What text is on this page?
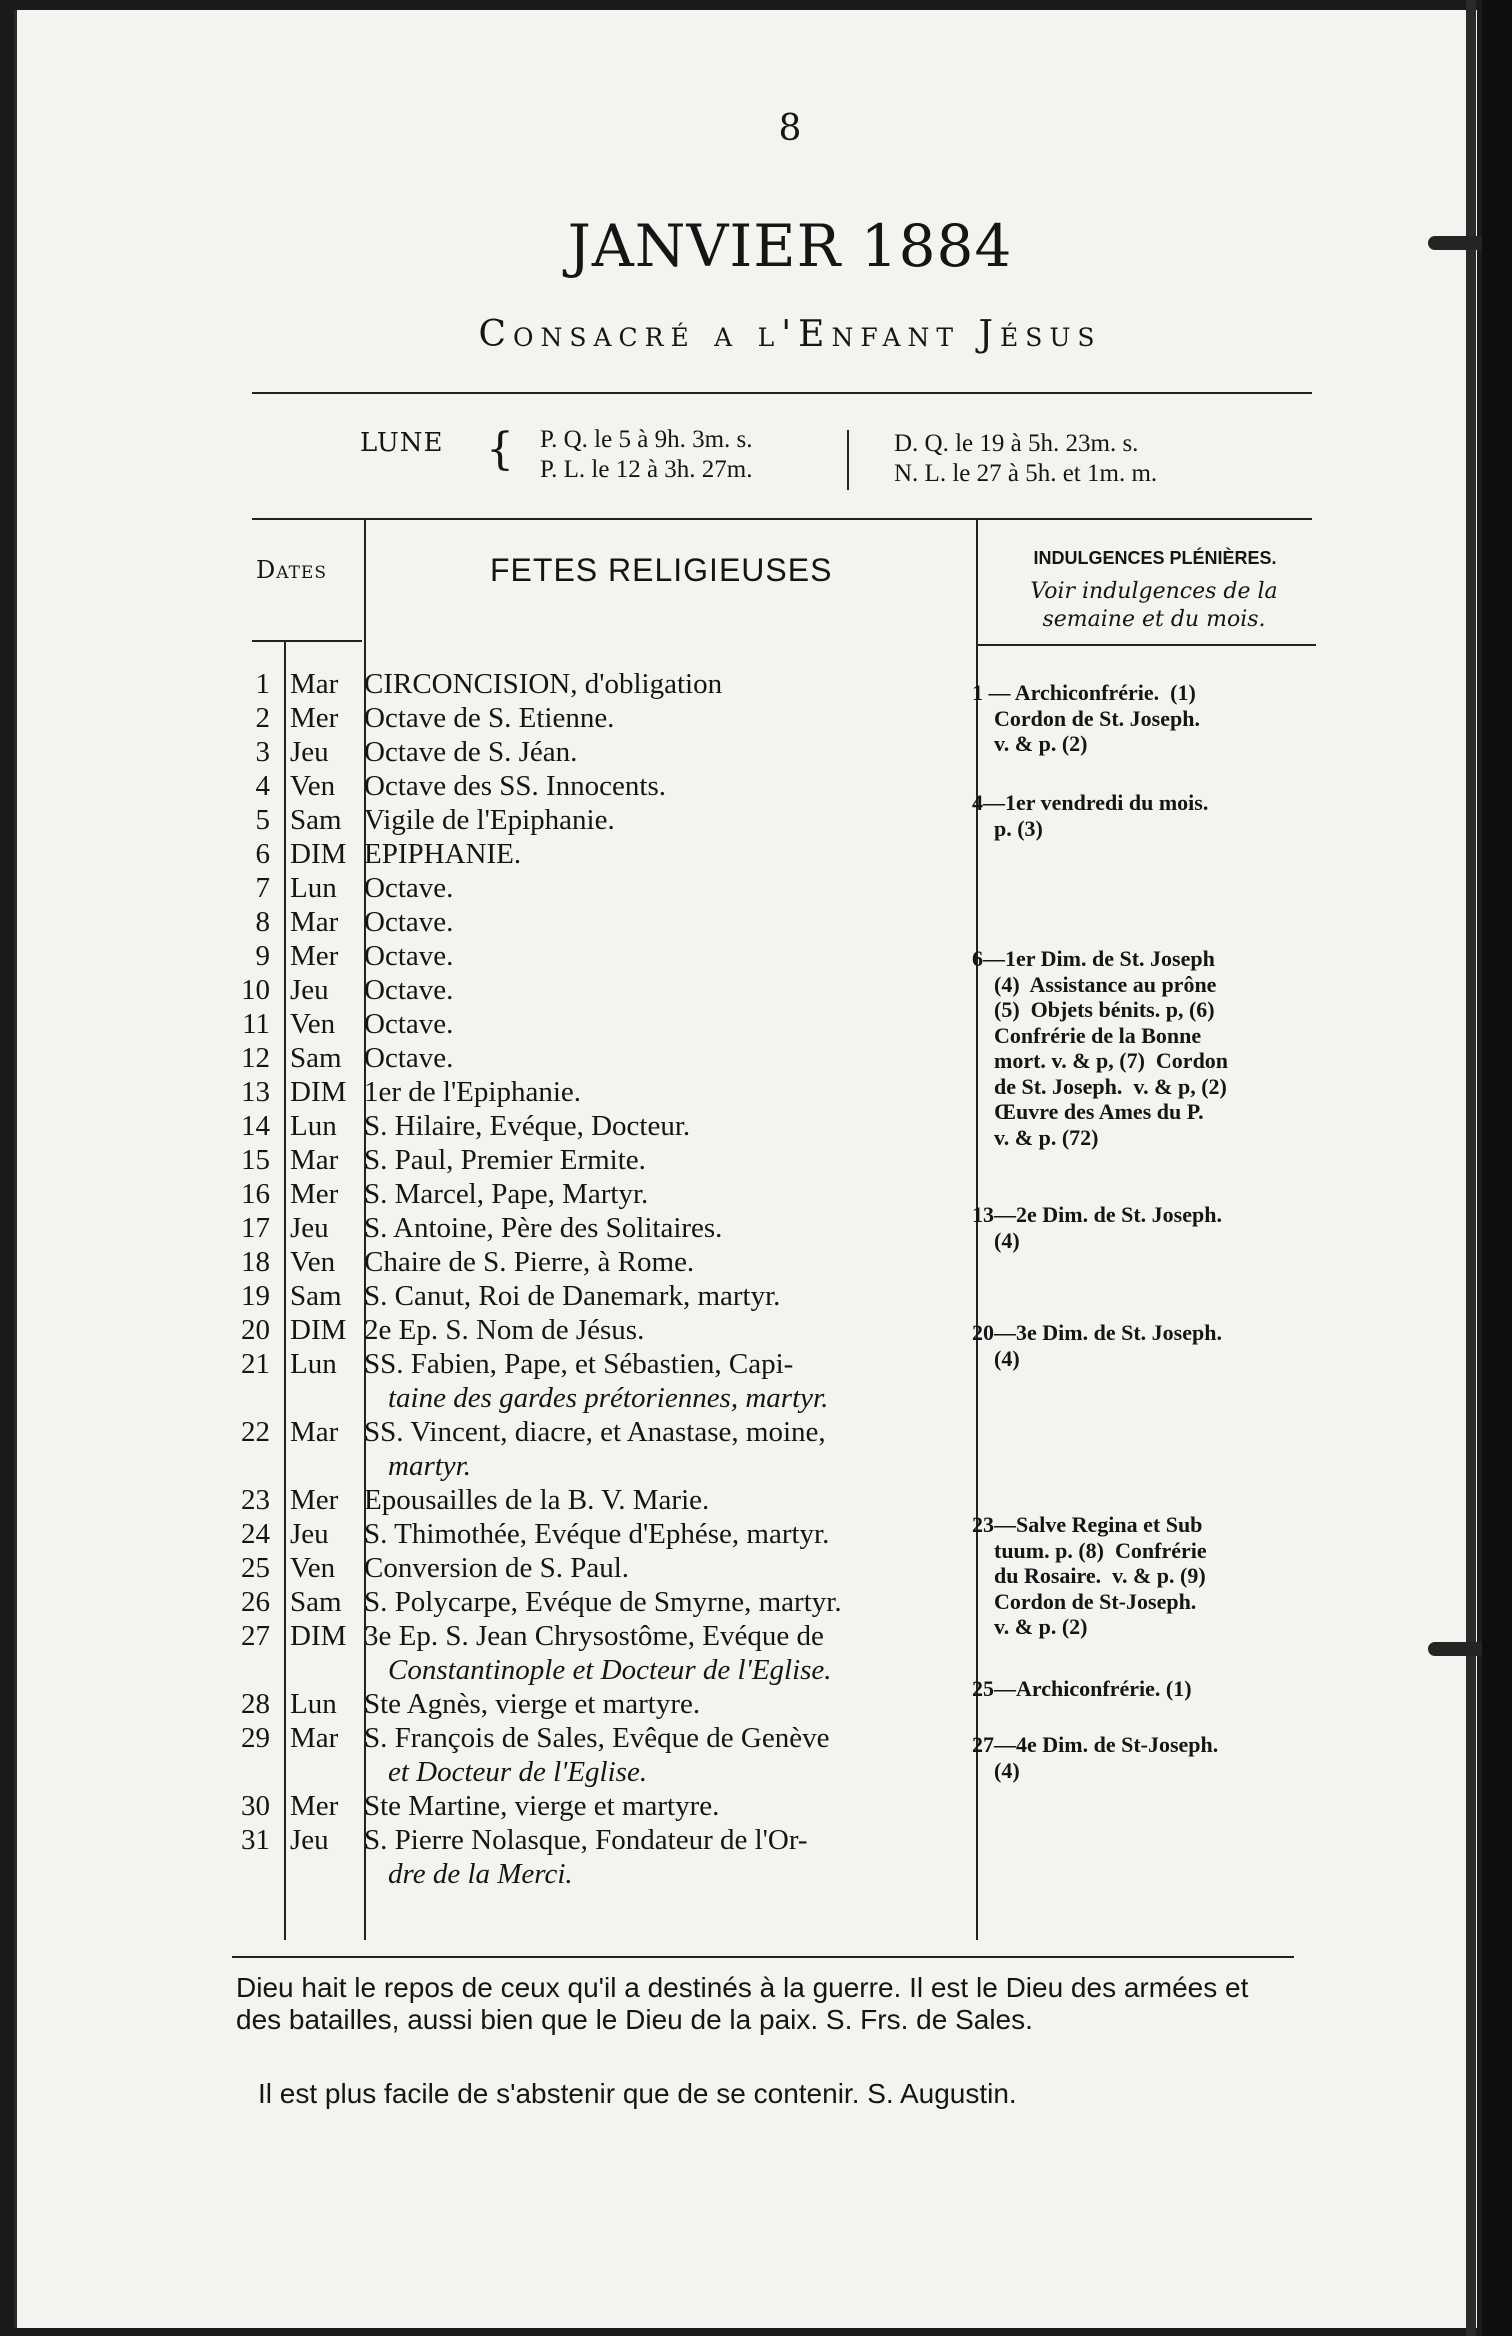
8
JANVIER 1884
Consacré a l'Enfant Jésus
LUNE { P. Q. le 5 à 9h. 3m. s.
P. L. le 12 à 3h. 27m.
D. Q. le 19 à 5h. 23m. s.
N. L. le 27 à 5h. et 1m. m.
Dates	FETES RELIGIEUSES	INDULGENCES PLÉNIÈRES.
Voir indulgences de la semaine et du mois.
1 Mar CIRCONCISION, d'obligation
2 Mer Octave de S. Etienne.
3 Jeu Octave de S. Jéan.
4 Ven Octave des SS. Innocents.
5 Sam Vigile de l'Epiphanie.
6 DIM EPIPHANIE.
7 Lun Octave.
8 Mar Octave.
9 Mer Octave.
10 Jeu Octave.
11 Ven Octave.
12 Sam Octave.
13 DIM 1er de l'Epiphanie.
14 Lun S. Hilaire, Evéque, Docteur.
15 Mar S. Paul, Premier Ermite.
16 Mer S. Marcel, Pape, Martyr.
17 Jeu S. Antoine, Père des Solitaires.
18 Ven Chaire de S. Pierre, à Rome.
19 Sam S. Canut, Roi de Danemark, martyr.
20 DIM 2e Ep. S. Nom de Jésus.
21 Lun SS. Fabien, Pape, et Sébastien, Capi-
taine des gardes prétoriennes, martyr.
22 Mar SS. Vincent, diacre, et Anastase, moine,
martyr.
23 Mer Epousailles de la B. V. Marie.
24 Jeu S. Thimothée, Evéque d'Ephése, martyr.
25 Ven Conversion de S. Paul.
26 Sam S. Polycarpe, Evéque de Smyrne, martyr.
27 DIM 3e Ep. S. Jean Chrysostôme, Evéque de
Constantinople et Docteur de l'Eglise.
28 Lun Ste Agnès, vierge et martyre.
29 Mar S. François de Sales, Evêque de Genève
et Docteur de l'Eglise.
30 Mer Ste Martine, vierge et martyre.
31 Jeu S. Pierre Nolasque, Fondateur de l'Or-
dre de la Merci.
1 — Archiconfrérie.  (1)
Cordon de St. Joseph.
v. & p. (2)
4—1er vendredi du mois.
p. (3)
6—1er Dim. de St. Joseph
(4)  Assistance au prône
(5)  Objets bénits. p, (6)
Confrérie de la Bonne
mort. v. & p, (7)  Cordon
de St. Joseph.  v. & p, (2)
Œuvre des Ames du P.
v. & p. (72)
13—2e Dim. de St. Joseph.
(4)
20—3e Dim. de St. Joseph.
(4)
23—Salve Regina et Sub
tuum. p. (8)  Confrérie
du Rosaire.  v. & p. (9)
Cordon de St-Joseph.
v. & p. (2)
25—Archiconfrérie. (1)
27—4e Dim. de St-Joseph.
(4)
Dieu hait le repos de ceux qu'il a destinés à la guerre. Il est le Dieu des armées et des batailles, aussi bien que le Dieu de la paix. S. Frs. de Sales.
Il est plus facile de s'abstenir que de se contenir. S. Augustin.
